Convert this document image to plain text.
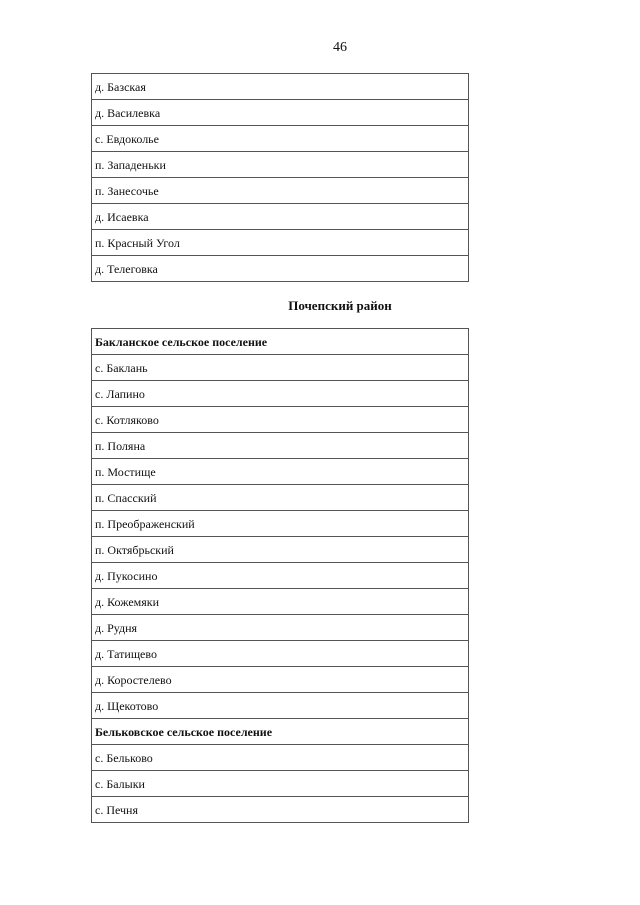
46
д. Базская
д. Василевка
с. Евдоколье
п. Западеньки
п. Занесочье
д. Исаевка
п. Красный Угол
д. Телеговка
Почепский район
Бакланское сельское поселение
с. Баклань
с. Лапино
с. Котляково
п. Поляна
п. Мостище
п. Спасский
п. Преображенский
п. Октябрьский
д. Пукосино
д. Кожемяки
д. Рудня
д. Татищево
д. Коростелево
д. Щекотово
Бельковское сельское поселение
с. Бельково
с. Балыки
с. Печня
